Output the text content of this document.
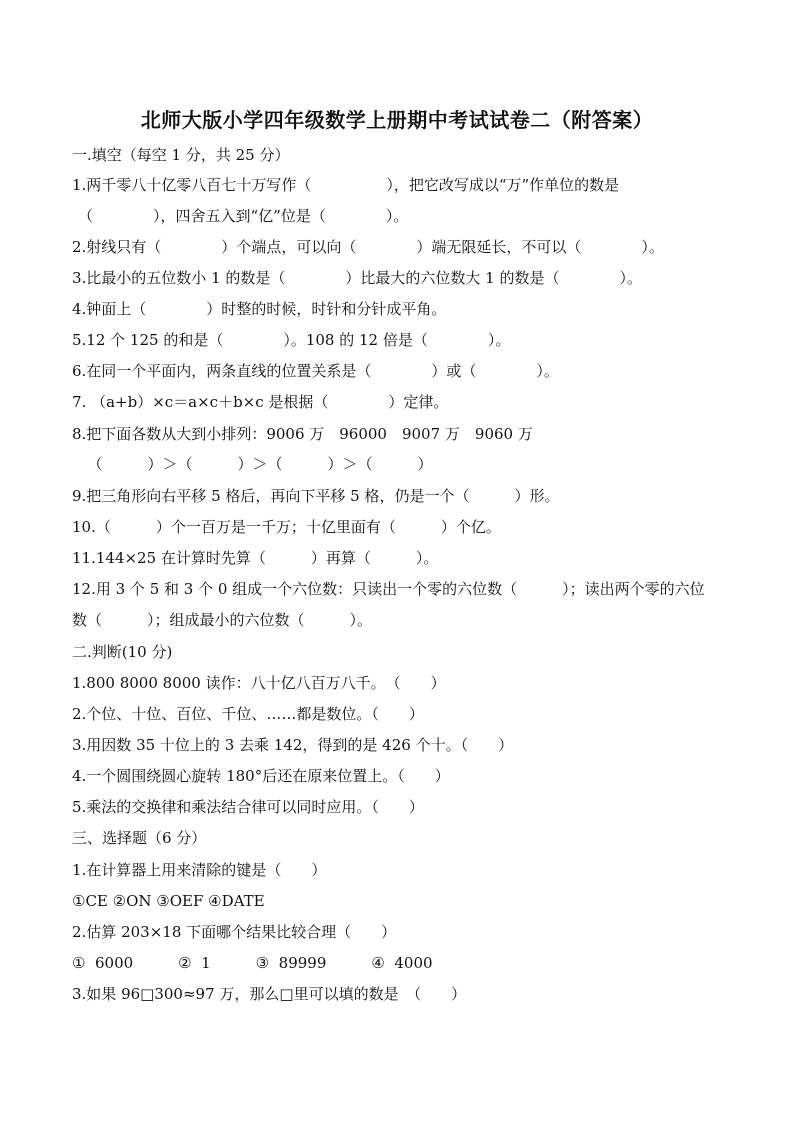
北师大版小学四年级数学上册期中考试试卷二（附答案）
一.填空（每空 1 分，共 25 分）
1.两千零八十亿零八百七十万写作（　　　　　），把它改写成以“万”作单位的数是
（　　　　），四舍五入到“亿”位是（　　　　）。
2.射线只有（　　　　）个端点，可以向（　　　　）端无限延长，不可以（　　　　）。
3.比最小的五位数小 1 的数是（　　　　）比最大的六位数大 1 的数是（　　　　）。
4.钟面上（　　　　）时整的时候，时针和分针成平角。
5.12 个 125 的和是（　　　　）。108 的 12 倍是（　　　　）。
6.在同一个平面内，两条直线的位置关系是（　　　　）或（　　　　）。
7. （a+b）×c＝a×c＋b×c 是根据（　　　　）定律。
8.把下面各数从大到小排列：9006 万　96000　9007 万　9060 万
　（　　　）＞（　　　）＞（　　　）＞（　　　）
9.把三角形向右平移 5 格后，再向下平移 5 格，仍是一个（　　　）形。
10.（　　　）个一百万是一千万；十亿里面有（　　　）个亿。
11.144×25 在计算时先算（　　　）再算（　　　）。
12.用 3 个 5 和 3 个 0 组成一个六位数：只读出一个零的六位数（　　　）；读出两个零的六位
数（　　　）；组成最小的六位数（　　　）。
二.判断(10 分)
1.800 8000 8000 读作：八十亿八百万八千。　（　　）
2.个位、十位、百位、千位、……都是数位。（　　）
3.用因数 35 十位上的 3 去乘 142，得到的是 426 个十。（　　）
4.一个圆围绕圆心旋转 180°后还在原来位置上。（　　）
5.乘法的交换律和乘法结合律可以同时应用。（　　）
三、选择题（6 分）
1.在计算器上用来清除的键是（　　）
①CE ②ON ③OEF ④DATE
2.估算 203×18 下面哪个结果比较合理（　　）
①  6000　　　②  1　　　③  89999　　　④  4000
3.如果 96□300≈97 万，那么□里可以填的数是　（　　）
